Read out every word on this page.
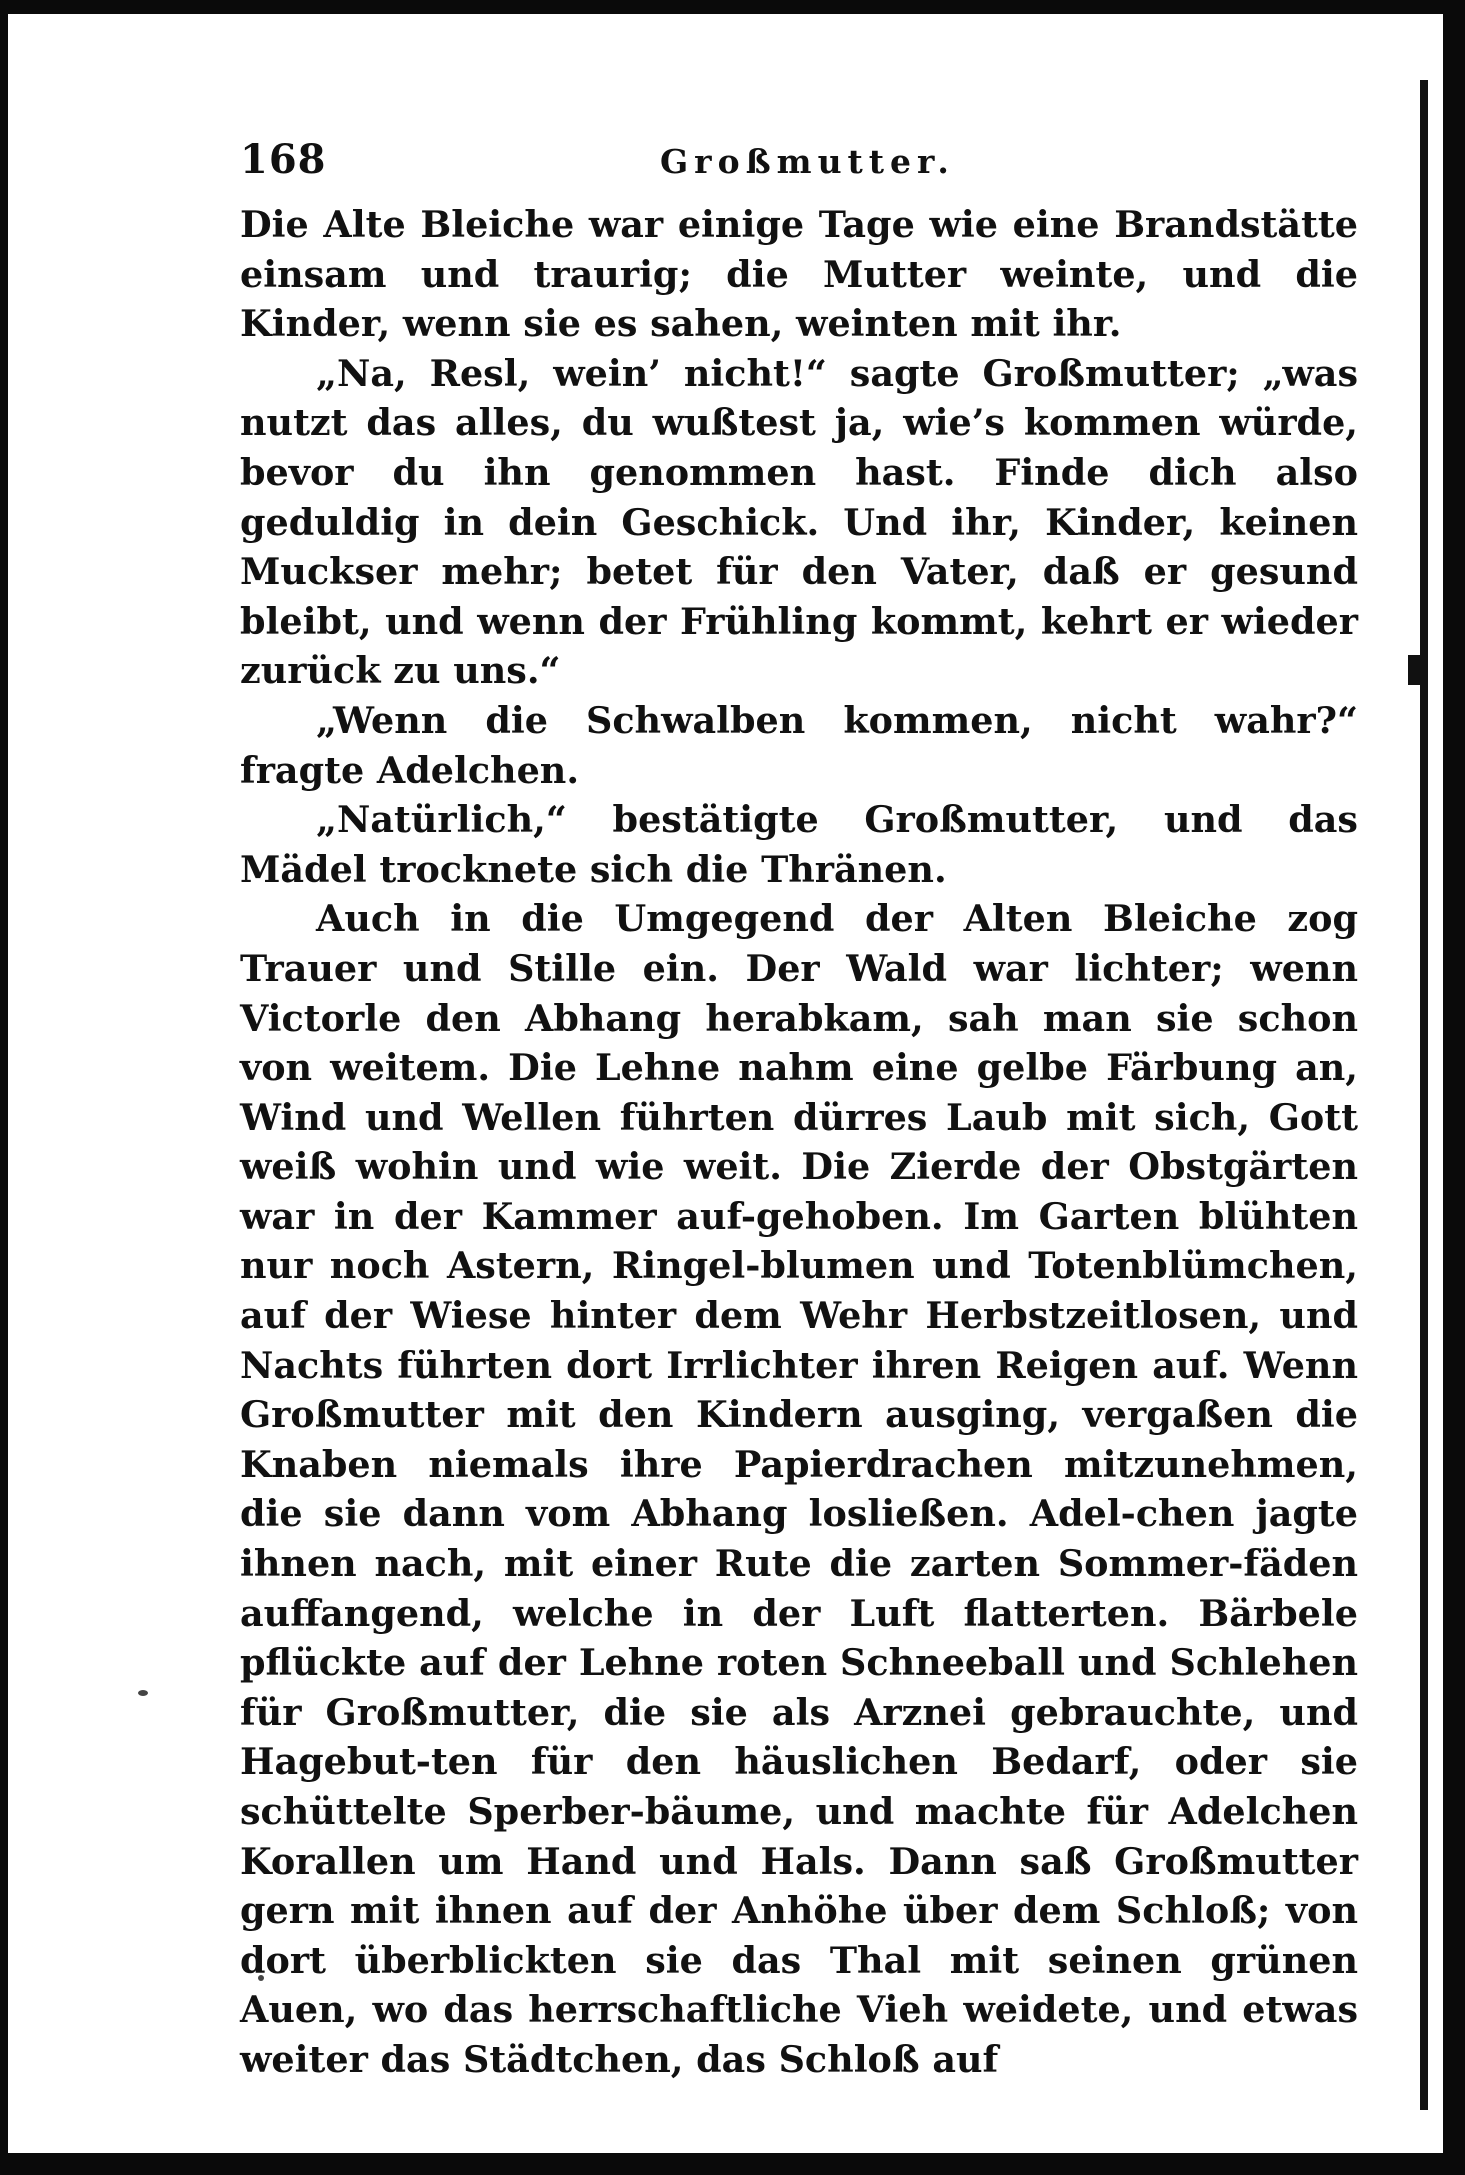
168	Großmutter.

Die Alte Bleiche war einige Tage wie eine Brandstätte einsam und traurig; die Mutter weinte, und die Kinder, wenn sie es sahen, weinten mit ihr.

„Na, Resl, wein’ nicht!“ sagte Großmutter; „was nutzt das alles, du wußtest ja, wie’s kommen würde, bevor du ihn genommen hast. Finde dich also geduldig in dein Geschick. Und ihr, Kinder, keinen Muckser mehr; betet für den Vater, daß er gesund bleibt, und wenn der Frühling kommt, kehrt er wieder zurück zu uns.“

„Wenn die Schwalben kommen, nicht wahr?“ fragte Adelchen.

„Natürlich,“ bestätigte Großmutter, und das Mädel trocknete sich die Thränen.

Auch in die Umgegend der Alten Bleiche zog Trauer und Stille ein. Der Wald war lichter; wenn Victorle den Abhang herabkam, sah man sie schon von weitem. Die Lehne nahm eine gelbe Färbung an, Wind und Wellen führten dürres Laub mit sich, Gott weiß wohin und wie weit. Die Zierde der Obstgärten war in der Kammer auf-gehoben. Im Garten blühten nur noch Astern, Ringel-blumen und Totenblümchen, auf der Wiese hinter dem Wehr Herbstzeitlosen, und Nachts führten dort Irrlichter ihren Reigen auf. Wenn Großmutter mit den Kindern ausging, vergaßen die Knaben niemals ihre Papierdrachen mitzunehmen, die sie dann vom Abhang losließen. Adel-chen jagte ihnen nach, mit einer Rute die zarten Sommer-fäden auffangend, welche in der Luft flatterten. Bärbele pflückte auf der Lehne roten Schneeball und Schlehen für Großmutter, die sie als Arznei gebrauchte, und Hagebut-ten für den häuslichen Bedarf, oder sie schüttelte Sperber-bäume, und machte für Adelchen Korallen um Hand und Hals. Dann saß Großmutter gern mit ihnen auf der Anhöhe über dem Schloß; von dort überblickten sie das Thal mit seinen grünen Auen, wo das herrschaftliche Vieh weidete, und etwas weiter das Städtchen, das Schloß auf
